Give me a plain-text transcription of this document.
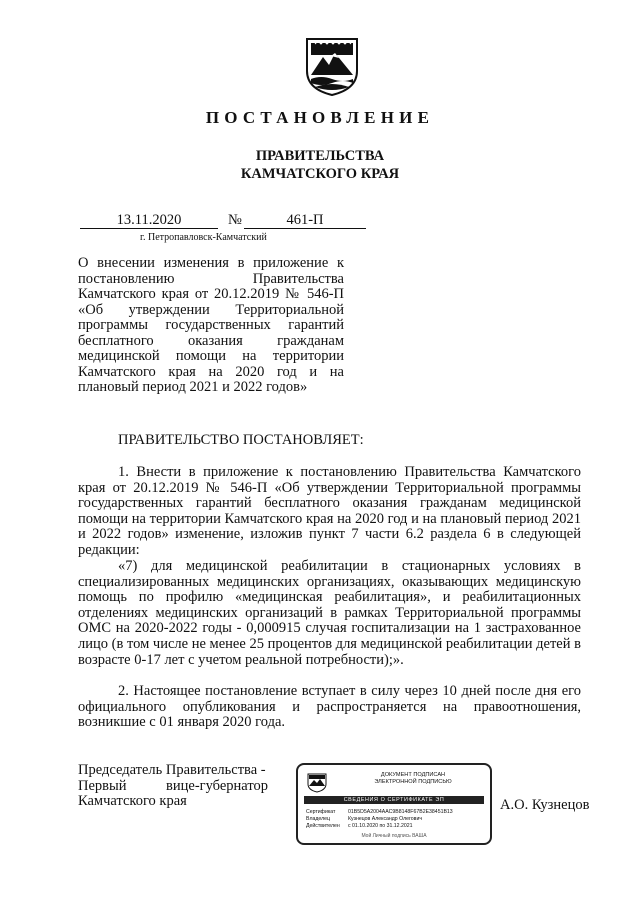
ПОСТАНОВЛЕНИЕ
ПРАВИТЕЛЬСТВА
КАМЧАТСКОГО КРАЯ
13.11.2020	№	461-П
г. Петропавловск-Камчатский
О внесении изменения в приложение к постановлению Правительства Камчатского края от 20.12.2019 № 546-П «Об утверждении Территориальной программы государственных гарантий бесплатного оказания гражданам медицинской помощи на территории Камчатского края на 2020 год и на плановый период 2021 и 2022 годов»
ПРАВИТЕЛЬСТВО ПОСТАНОВЛЯЕТ:

1. Внести в приложение к постановлению Правительства Камчатского края от 20.12.2019 № 546-П «Об утверждении Территориальной программы государственных гарантий бесплатного оказания гражданам медицинской помощи на территории Камчатского края на 2020 год и на плановый период 2021 и 2022 годов» изменение, изложив пункт 7 части 6.2 раздела 6 в следующей редакции:

«7) для медицинской реабилитации в стационарных условиях в специализированных медицинских организациях, оказывающих медицинскую помощь по профилю «медицинская реабилитация», и реабилитационных отделениях медицинских организаций в рамках Территориальной программы ОМС на 2020-2022 годы - 0,000915 случая госпитализации на 1 застрахованное лицо (в том числе не менее 25 процентов для медицинской реабилитации детей в возрасте 0-17 лет с учетом реальной потребности);».

2. Настоящее постановление вступает в силу через 10 дней после дня его официального опубликования и распространяется на правоотношения, возникшие с 01 января 2020 года.

Председатель Правительства -
Первый	вице-губернатор
Камчатского края
ДОКУМЕНТ ПОДПИСАН
ЭЛЕКТРОННОЙ ПОДПИСЬЮ
СВЕДЕНИЯ О СЕРТИФИКАТЕ ЭП
Сертификат 01B5D5A2004AAC9B8148F67B2E38451B13
Владелец	Кузнецов Александр Олегович
Действителен с 01.10.2020 по 31.12.2021
Мой Личный подпись ВАША
А.О. Кузнецов
